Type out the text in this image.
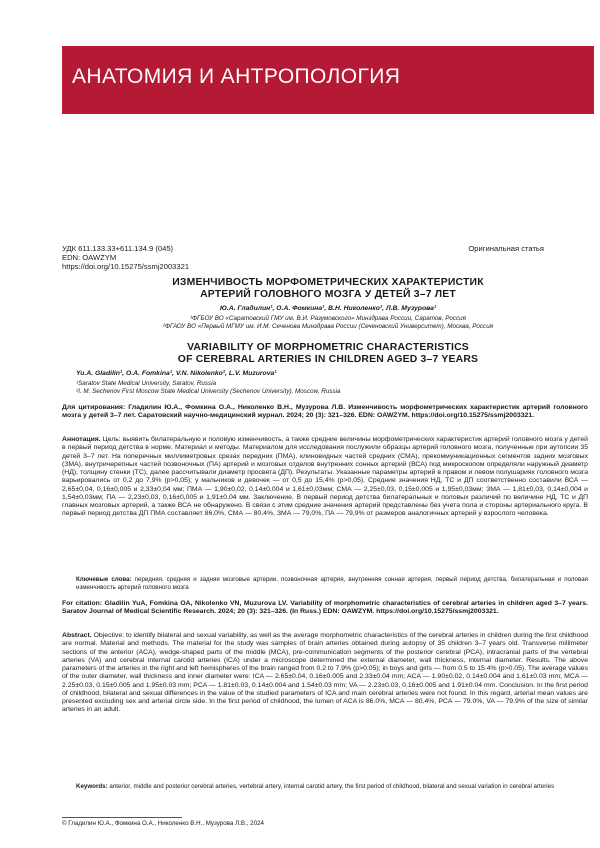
АНАТОМИЯ И АНТРОПОЛОГИЯ
УДК 611.133.33+611.134.9 (045)
EDN: OAWZYM
https://doi.org/10.15275/ssmj2003321
Оригинальная статья
ИЗМЕНЧИВОСТЬ МОРФОМЕТРИЧЕСКИХ ХАРАКТЕРИСТИК
АРТЕРИЙ ГОЛОВНОГО МОЗГА У ДЕТЕЙ 3–7 ЛЕТ
Ю.А. Гладилин¹, О.А. Фомкина¹, В.Н. Николенко², Л.В. Музурова¹
¹ФГБОУ ВО «Саратовский ГМУ им. В.И. Разумовского» Минздрава России, Саратов, Россия
²ФГАОУ ВО «Первый МГМУ им. И.М. Сеченова Минздрава России (Сеченовский Университет), Москва, Россия
VARIABILITY OF MORPHOMETRIC CHARACTERISTICS
OF CEREBRAL ARTERIES IN CHILDREN AGED 3–7 YEARS
Yu.A. Gladilin¹, O.A. Fomkina¹, V.N. Nikolenko², L.V. Muzurova¹
¹Saratov State Medical University, Saratov, Russia
²I. M. Sechenov First Moscow State Medical University (Sechenov University), Moscow, Russia
Для цитирования: Гладилин Ю.А., Фомкина О.А., Николенко В.Н., Музурова Л.В. Изменчивость морфометрических характеристик артерий головного мозга у детей 3–7 лет. Саратовский научно-медицинский журнал. 2024; 20 (3): 321–326. EDN: OAWZYM. https://doi.org/10.15275/ssmj2003321.
Аннотация. Цель: выявить билатеральную и половую изменчивость, а также средние величины морфометрических характеристик артерий головного мозга у детей в первый период детства в норме. Материал и методы. Материалом для исследования послужили образцы артерий головного мозга, полученные при аутопсии 35 детей 3–7 лет. На поперечных миллиметровых срезах передних (ПМА), клиновидных частей средних (СМА), прекоммуникационных сегментов задних мозговых (ЗМА), внутричерепных частей позвоночных (ПА) артерий и мозговых отделов внутренних сонных артерий (ВСА) под микроскопом определяли наружный диаметр (НД), толщину стенки (ТС), далее рассчитывали диаметр просвета (ДП). Результаты. Указанные параметры артерий в правом и левом полушариях головного мозга варьировались от 0,2 до 7,9% (p>0,05); у мальчиков и девочек — от 0,5 до 15,4% (p>0,05). Средние значения НД, ТС и ДП соответственно составили ВСА — 2,65±0,04, 0,16±0,005 и 2,33±0,04 мм; ПМА — 1,90±0,02, 0,14±0,004 и 1,61±0,03мм; СМА — 2,25±0,03, 0,15±0,005 и 1,95±0,03мм; ЗМА — 1,81±0,03, 0,14±0,004 и 1,54±0,03мм; ПА — 2,23±0,03, 0,16±0,005 и 1,91±0,04 мм. Заключение. В первый период детства билатеральных и половых различий по величине НД, ТС и ДП главных мозговых артерий, а также ВСА не обнаружено. В связи с этим средние значения артерий представлены без учета пола и стороны артериального круга. В первый период детства ДП ПМА составляет 86,0%, СМА — 80,4%, ЗМА — 79,0%, ПА — 79,9% от размеров аналогичных артерий у взрослого человека.
Ключевые слова: передняя, средняя и задняя мозговые артерии, позвоночная артерия, внутренняя сонная артерия, первый период детства, билатеральная и половая изменчивость артерий головного мозга
For citation: Gladilin YuA, Fomkina OA, Nikolenko VN, Muzurova LV. Variability of morphometric characteristics of cerebral arteries in children aged 3–7 years. Saratov Journal of Medical Scientific Research. 2024; 20 (3): 321–326. (In Russ.) EDN: OAWZYM. https://doi.org/10.15275/ssmj2003321.
Abstract. Objective: to identify bilateral and sexual variability, as well as the average morphometric characteristics of the cerebral arteries in children during the first childhood are normal. Material and methods. The material for the study was samples of brain arteries obtained during autopsy of 35 children 3–7 years old. Transverse millimeter sections of the anterior (ACA), wedge-shaped parts of the middle (MCA), pre-communication segments of the posterior cerebral (PCA), intracranial parts of the vertebral arteries (VA) and cerebral internal carotid arteries (ICA) under a microscope determined the external diameter, wall thickness, internal diameter. Results. The above parameters of the arteries in the right and left hemispheres of the brain ranged from 0.2 to 7.9% (p>0.05); in boys and girls — from 0.5 to 15.4% (p>0.05). The average values of the outer diameter, wall thickness and inner diameter were: ICA — 2.65±0.04, 0.16±0.005 and 2.33±0.04 mm; ACA — 1.90±0.02, 0.14±0.004 and 1.61±0.03 mm; MCA — 2.25±0.03, 0.15±0.005 and 1.95±0.03 mm; PCA — 1.81±0.03, 0.14±0.004 and 1.54±0.03 mm; VA — 2.23±0.03, 0.16±0.005 and 1.91±0.04 mm. Conclusion. In the first period of childhood, bilateral and sexual differences in the value of the studied parameters of ICA and main cerebral arteries were not found. In this regard, arterial mean values are presented excluding sex and arterial circle side. In the first period of childhood, the lumen of ACA is 86.0%, MCA — 80.4%, PCA — 79.0%, VA — 79.9% of the size of similar arteries in an adult.
Keywords: anterior, middle and posterior cerebral arteries, vertebral artery, internal carotid artery, the first period of childhood, bilateral and sexual variation in cerebral arteries
© Гладилин Ю.А., Фомкина О.А., Николенко В.Н., Музурова Л.В., 2024
